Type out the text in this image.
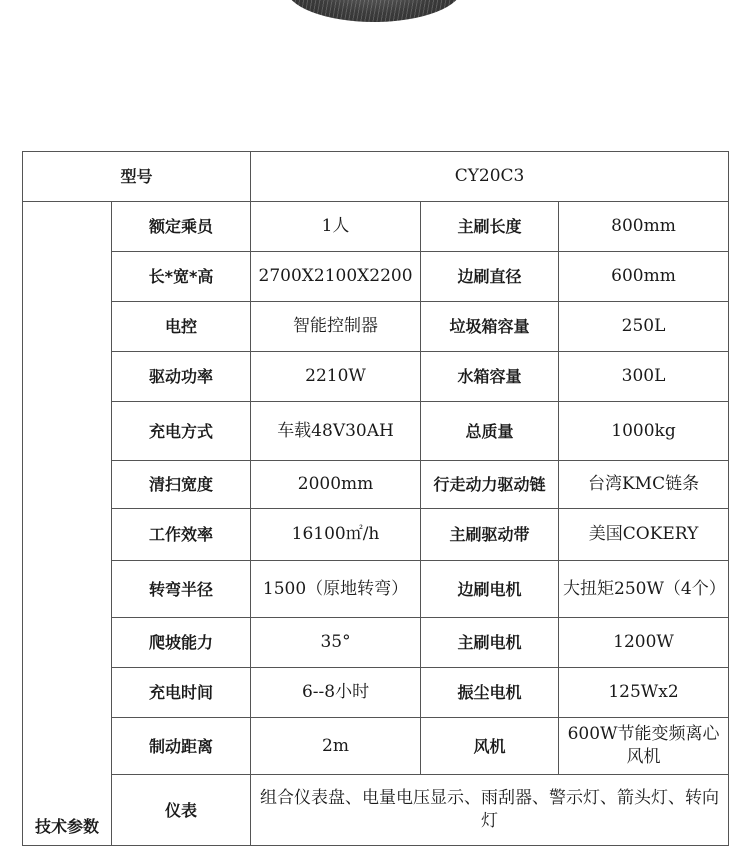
型号		CY20C3		
技术参数	额定乘员	1人	主刷长度	800mm
	长*宽*高	2700X2100X2200	边刷直径	600mm
	电控	智能控制器	垃圾箱容量	250L
	驱动功率	2210W	水箱容量	300L
	充电方式	车载48V30AH	总质量	1000kg
	清扫宽度	2000mm	行走动力驱动链	台湾KMC链条
	工作效率	16100㎡/h	主刷驱动带	美国COKERY
	转弯半径	1500（原地转弯）	边刷电机	大扭矩250W（4个）
	爬坡能力	35°	主刷电机	1200W
	充电时间	6--8小时	振尘电机	125Wx2
	制动距离	2m	风机	600W节能变频离心风机
	仪表	组合仪表盘、电量电压显示、雨刮器、警示灯、箭头灯、转向灯		
